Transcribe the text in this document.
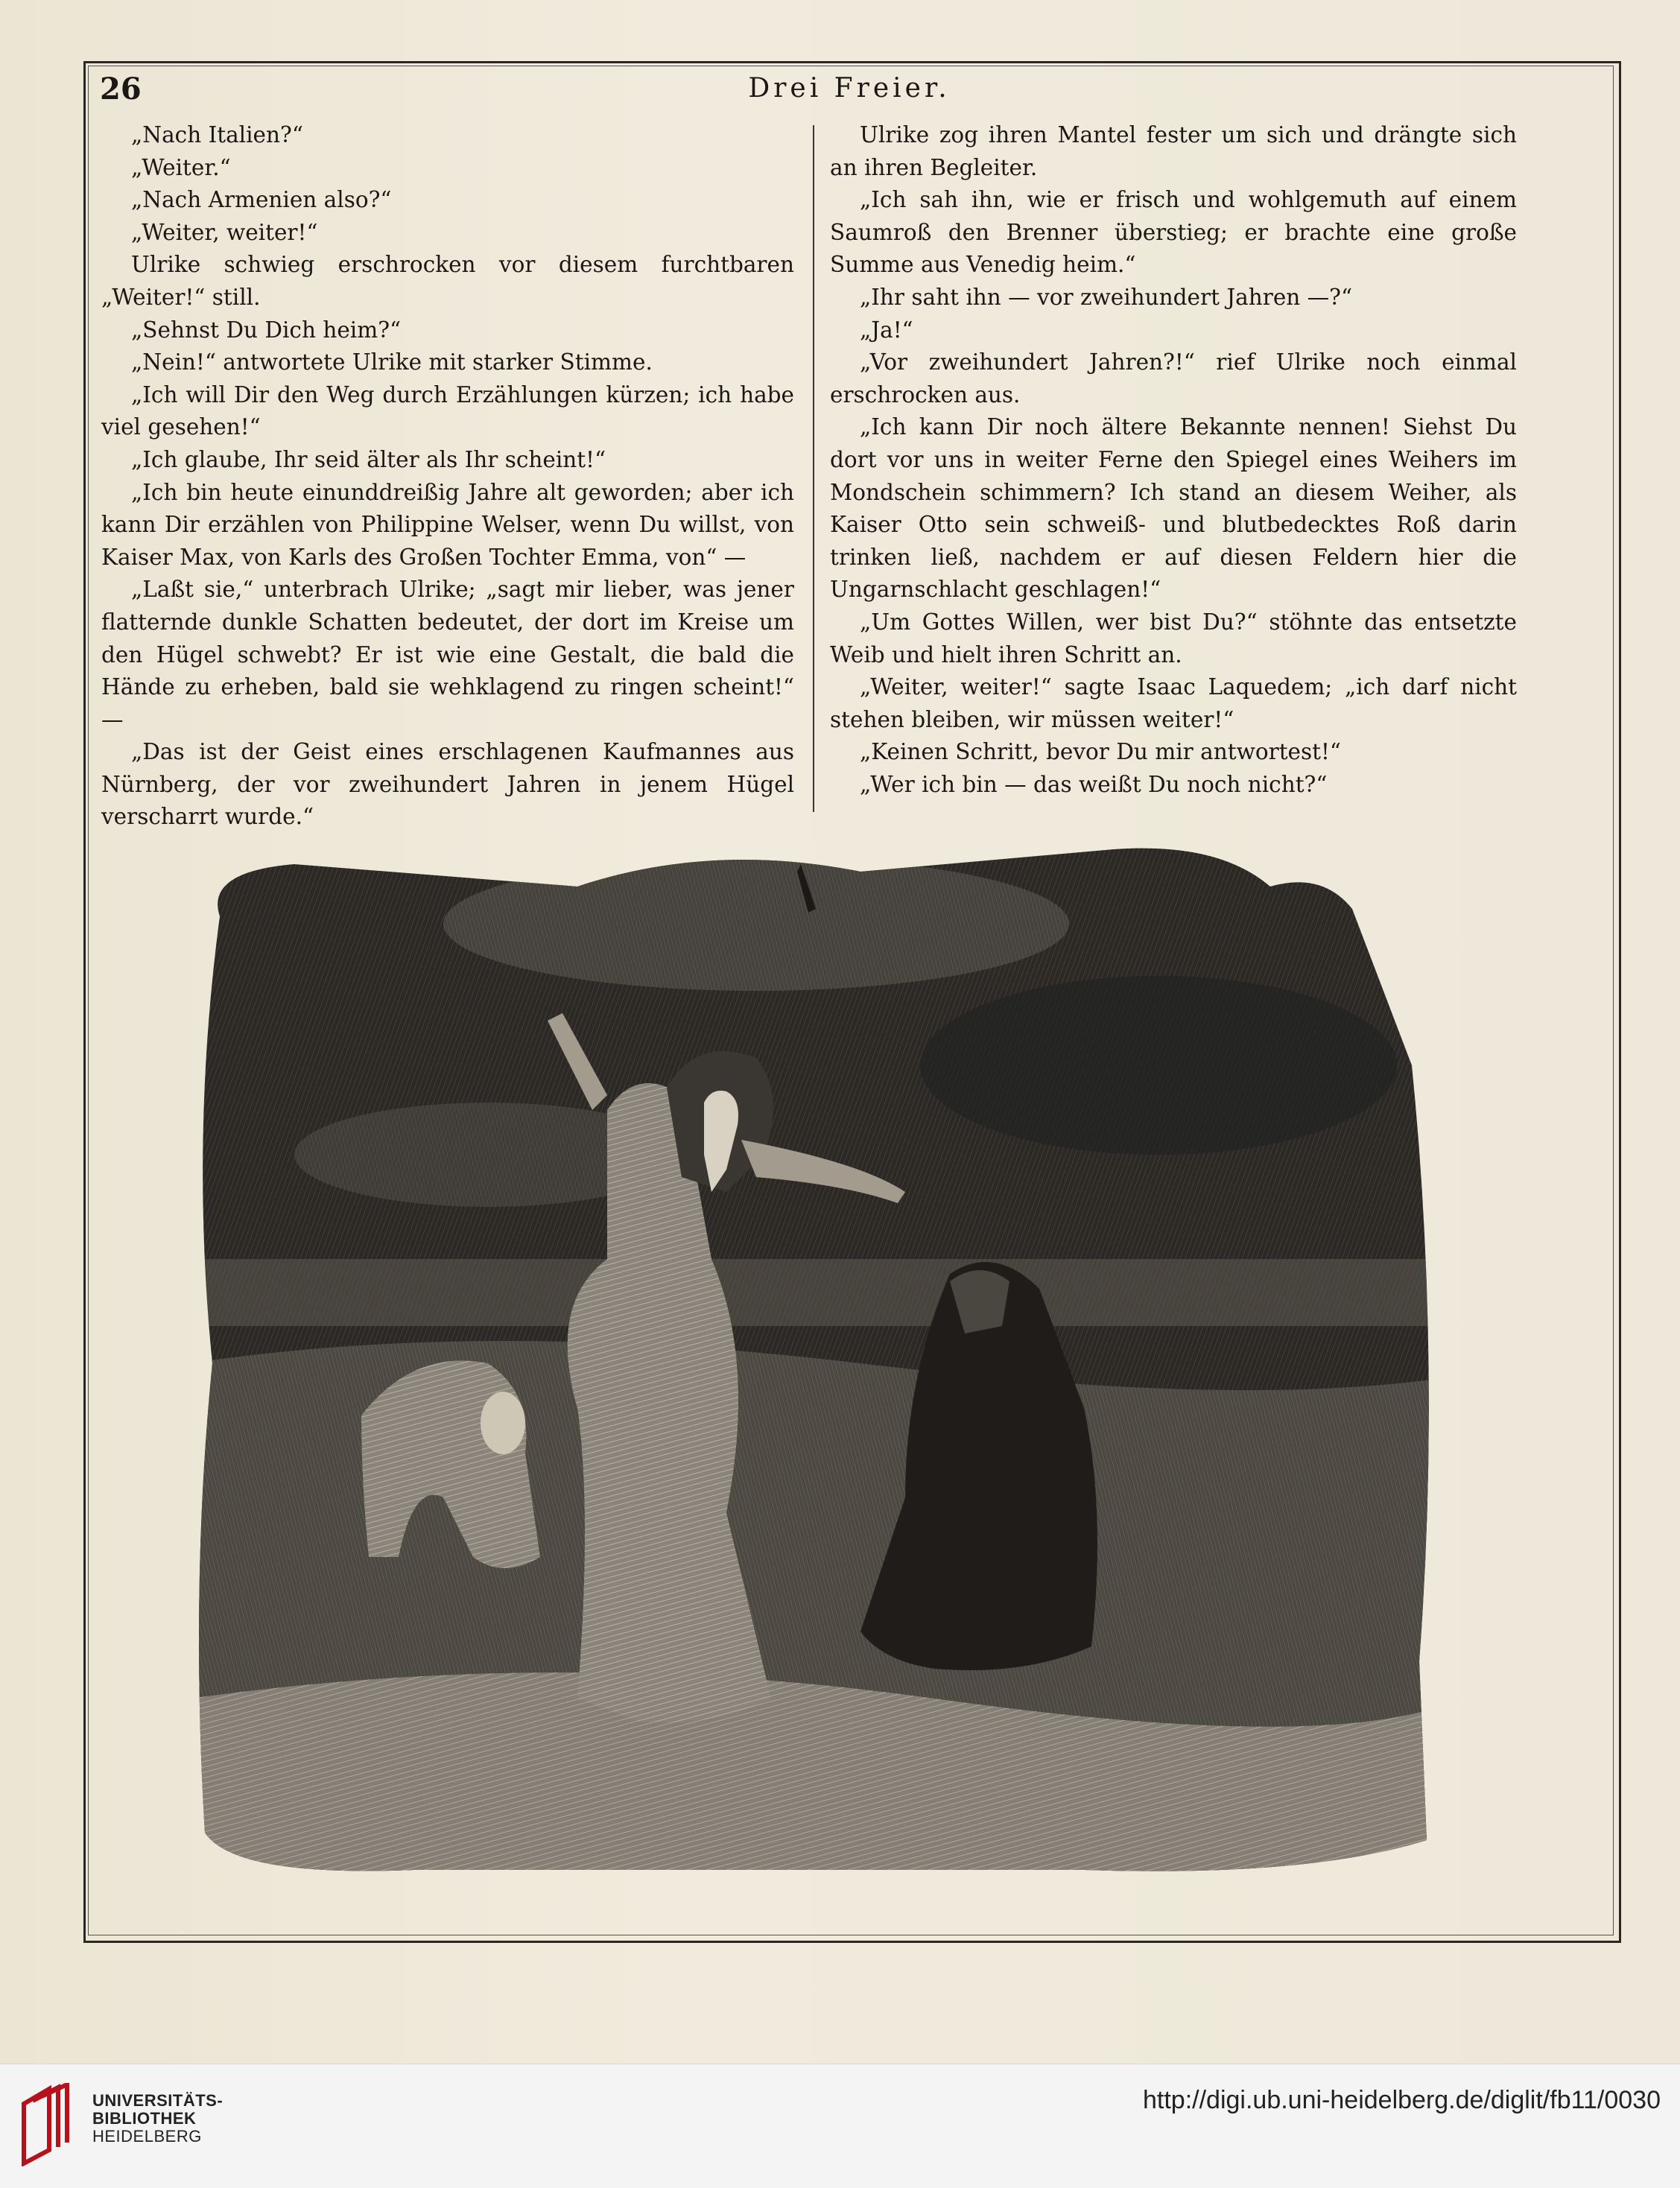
26	Drei Freier.

„Nach Italien?“

„Weiter.“

„Nach Armenien also?“

„Weiter, weiter!“

Ulrike schwieg erschrocken vor diesem furchtbaren „Weiter!“ still.

„Sehnst Du Dich heim?“

„Nein!“ antwortete Ulrike mit starker Stimme.

„Ich will Dir den Weg durch Erzählungen kürzen; ich habe viel gesehen!“

„Ich glaube, Ihr seid älter als Ihr scheint!“

„Ich bin heute einunddreißig Jahre alt geworden; aber ich kann Dir erzählen von Philippine Welser, wenn Du willst, von Kaiser Max, von Karls des Großen Tochter Emma, von“ —

„Laßt sie,“ unterbrach Ulrike; „sagt mir lieber, was jener flatternde dunkle Schatten bedeutet, der dort im Kreise um den Hügel schwebt? Er ist wie eine Gestalt, die bald die Hände zu erheben, bald sie wehklagend zu ringen scheint!“ —

„Das ist der Geist eines erschlagenen Kaufmannes aus Nürnberg, der vor zweihundert Jahren in jenem Hügel verscharrt wurde.“

Ulrike zog ihren Mantel fester um sich und drängte sich an ihren Begleiter.

„Ich sah ihn, wie er frisch und wohlgemuth auf einem Saumroß den Brenner überstieg; er brachte eine große Summe aus Venedig heim.“

„Ihr saht ihn — vor zweihundert Jahren —?“

„Ja!“

„Vor zweihundert Jahren?!“ rief Ulrike noch einmal erschrocken aus.

„Ich kann Dir noch ältere Bekannte nennen! Siehst Du dort vor uns in weiter Ferne den Spiegel eines Weihers im Mondschein schimmern? Ich stand an diesem Weiher, als Kaiser Otto sein schweiß- und blutbedecktes Roß darin trinken ließ, nachdem er auf diesen Feldern hier die Ungarnschlacht geschlagen!“

„Um Gottes Willen, wer bist Du?“ stöhnte das entsetzte Weib und hielt ihren Schritt an.

„Weiter, weiter!“ sagte Isaac Laquedem; „ich darf nicht stehen bleiben, wir müssen weiter!“

„Keinen Schritt, bevor Du mir antwortest!“

„Wer ich bin — das weißt Du noch nicht?“

UNIVERSITÄTS-
BIBLIOTHEK
HEIDELBERG
http://digi.ub.uni-heidelberg.de/diglit/fb11/0030
